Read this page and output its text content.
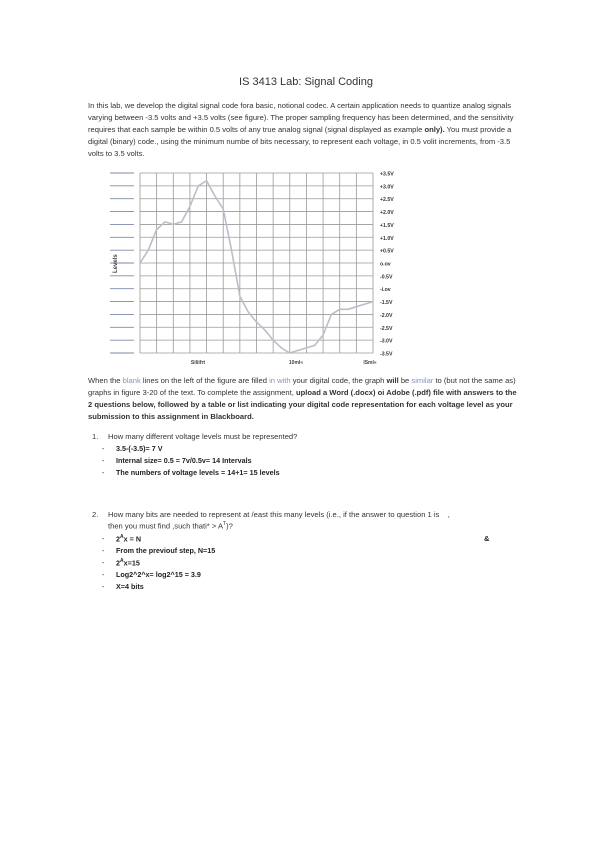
IS 3413 Lab: Signal Coding
In this lab, we develop the digital signal code fora basic, notional codec. A certain application needs to quantize analog signals varying between -3.5 volts and +3.5 volts (see figure). The proper sampling frequency has been determined, and the sensitivity requires that each sample be within 0.5 volts of any true analog signal (signal displayed as example only). You must provide a digital (binary) code., using the minimum numbe of bits necessary, to represent each voltage, in 0.5 volit increments, from -3.5 volts to 3.5 volts.
+3.5V
+3.0V
+2.5V
+2.0V
+1.5V
+1.0V
+0.5V
o.ov
-0.5V
-i.ov
-1.5V
-2.0V
-2.5V
-3.0V
-3.5V
Levels
Siliifrt	10ml«	lSml«
When the blank lines on the left of the figure are filled in with your digital code, the graph will be similar to (but not the same as) graphs in figure 3-20 of the text. To complete the assignment, upload a Word (.docx) oi Adobe (.pdf) file with answers to the 2 questions below, followed by a table or list indicating your digital code representation for each voltage level as your submission to this assignment in Blackboard.
1. How many different voltage levels must be represented?
- 3.5-(-3.5)= 7 V
- Internal size= 0.5 = 7v/0.5v= 14 Intervals
- The numbers of voltage levels = 14+1= 15 levels
2. How many bits are needed to represent at /east this many levels (i.e., if the answer to question 1 is ,
then you must find ,such thati* > $A^T$)?
- $2^Ax = N$	&
- From the previouf step, N=15
- $2^Ax=15$
- Log2^2^x= log2^15 = 3.9
- X=4 bits
